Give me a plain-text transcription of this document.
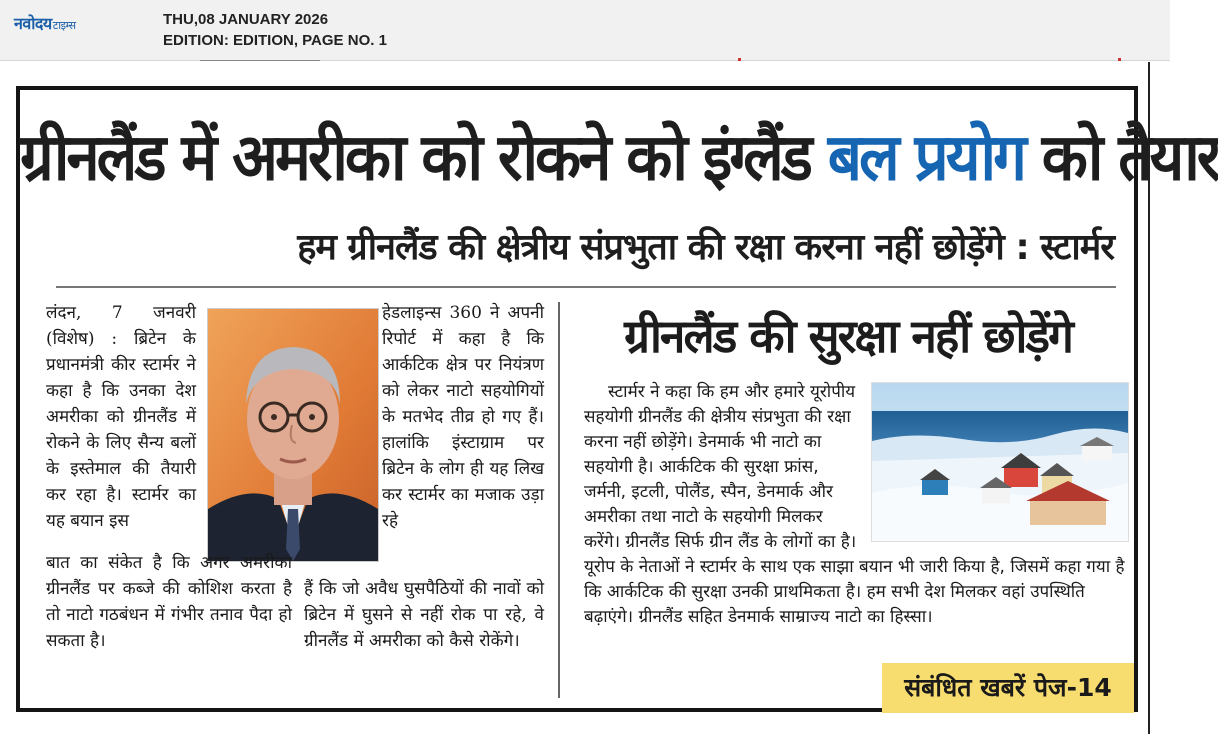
नवोदयटाइम्स	THU,08 JANUARY 2026
EDITION: EDITION, PAGE NO. 1
ग्रीनलैंड में अमरीका को रोकने को इंग्लैंड बल प्रयोग को तैयार
हम ग्रीनलैंड की क्षेत्रीय संप्रभुता की रक्षा करना नहीं छोड़ेंगे : स्टार्मर
लंदन, 7 जनवरी (विशेष) : ब्रिटेन के प्रधानमंत्री कीर स्टार्मर ने कहा है कि उनका देश अमरीका को ग्रीनलैंड में रोकने के लिए सैन्य बलों के इस्तेमाल की तैयारी कर रहा है। स्टार्मर का यह बयान इस
हेडलाइन्स 360 ने अपनी रिपोर्ट में कहा है कि आर्कटिक क्षेत्र पर नियंत्रण को लेकर नाटो सहयोगियों के मतभेद तीव्र हो गए हैं। हालांकि इंस्टाग्राम पर ब्रिटेन के लोग ही यह लिख कर स्टार्मर का मजाक उड़ा रहे
बात का संकेत है कि अगर अमरीका ग्रीनलैंड पर कब्जे की कोशिश करता है तो नाटो गठबंधन में गंभीर तनाव पैदा हो सकता है।
हैं कि जो अवैध घुसपैठियों की नावों को ब्रिटेन में घुसने से नहीं रोक पा रहे, वे ग्रीनलैंड में अमरीका को कैसे रोकेंगे।
ग्रीनलैंड की सुरक्षा नहीं छोड़ेंगे
स्टार्मर ने कहा कि हम और हमारे यूरोपीय सहयोगी ग्रीनलैंड की क्षेत्रीय संप्रभुता की रक्षा करना नहीं छोड़ेंगे। डेनमार्क भी नाटो का सहयोगी है। आर्कटिक की सुरक्षा फ्रांस, जर्मनी, इटली, पोलैंड, स्पैन, डेनमार्क और अमरीका तथा नाटो के सहयोगी मिलकर करेंगे। ग्रीनलैंड सिर्फ ग्रीन लैंड के लोगों का है। यूरोप के नेताओं ने स्टार्मर के साथ एक साझा बयान भी जारी किया है, जिसमें कहा गया है कि आर्कटिक की सुरक्षा उनकी प्राथमिकता है। हम सभी देश मिलकर वहां उपस्थिति बढ़ाएंगे। ग्रीनलैंड सहित डेनमार्क साम्राज्य नाटो का हिस्सा।
संबंधित खबरें पेज-14
